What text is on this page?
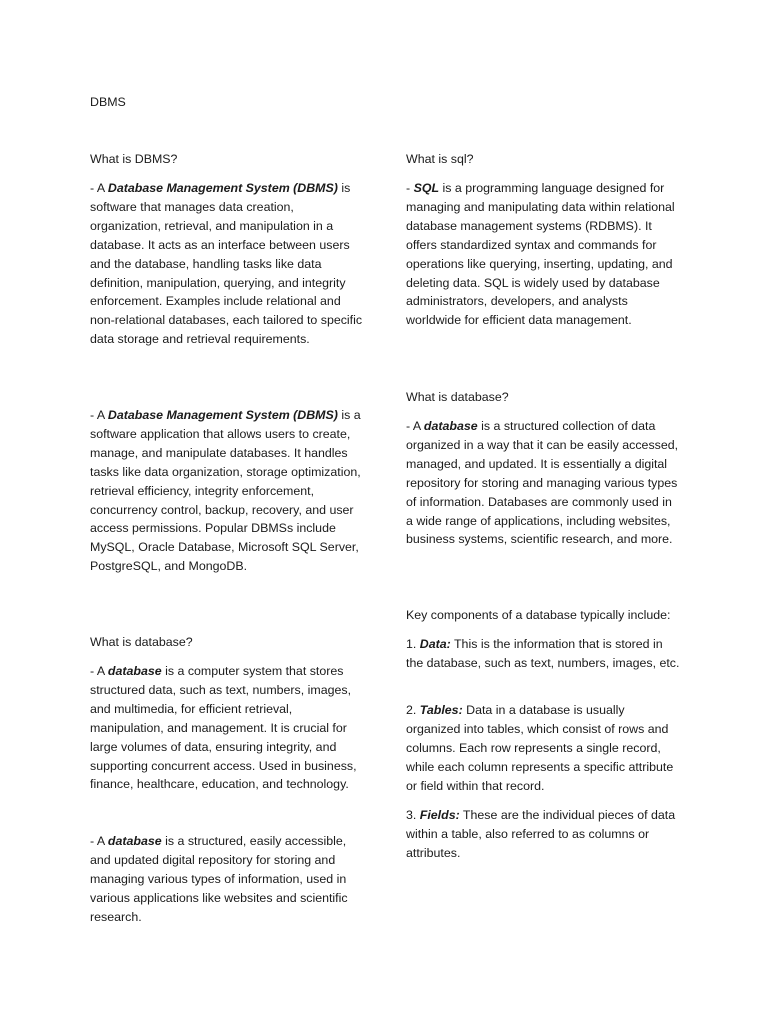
DBMS
What is DBMS?

- A Database Management System (DBMS) is software that manages data creation, organization, retrieval, and manipulation in a database. It acts as an interface between users and the database, handling tasks like data definition, manipulation, querying, and integrity enforcement. Examples include relational and non-relational databases, each tailored to specific data storage and retrieval requirements.

- A Database Management System (DBMS) is a software application that allows users to create, manage, and manipulate databases. It handles tasks like data organization, storage optimization, retrieval efficiency, integrity enforcement, concurrency control, backup, recovery, and user access permissions. Popular DBMSs include MySQL, Oracle Database, Microsoft SQL Server, PostgreSQL, and MongoDB.

What is database?

- A database is a computer system that stores structured data, such as text, numbers, images, and multimedia, for efficient retrieval, manipulation, and management. It is crucial for large volumes of data, ensuring integrity, and supporting concurrent access. Used in business, finance, healthcare, education, and technology.

- A database is a structured, easily accessible, and updated digital repository for storing and managing various types of information, used in various applications like websites and scientific research.

What is sql?

- SQL is a programming language designed for managing and manipulating data within relational database management systems (RDBMS). It offers standardized syntax and commands for operations like querying, inserting, updating, and deleting data. SQL is widely used by database administrators, developers, and analysts worldwide for efficient data management.

What is database?

- A database is a structured collection of data organized in a way that it can be easily accessed, managed, and updated. It is essentially a digital repository for storing and managing various types of information. Databases are commonly used in a wide range of applications, including websites, business systems, scientific research, and more.

Key components of a database typically include:

1. Data: This is the information that is stored in the database, such as text, numbers, images, etc.

2. Tables: Data in a database is usually organized into tables, which consist of rows and columns. Each row represents a single record, while each column represents a specific attribute or field within that record.

3. Fields: These are the individual pieces of data within a table, also referred to as columns or attributes.
